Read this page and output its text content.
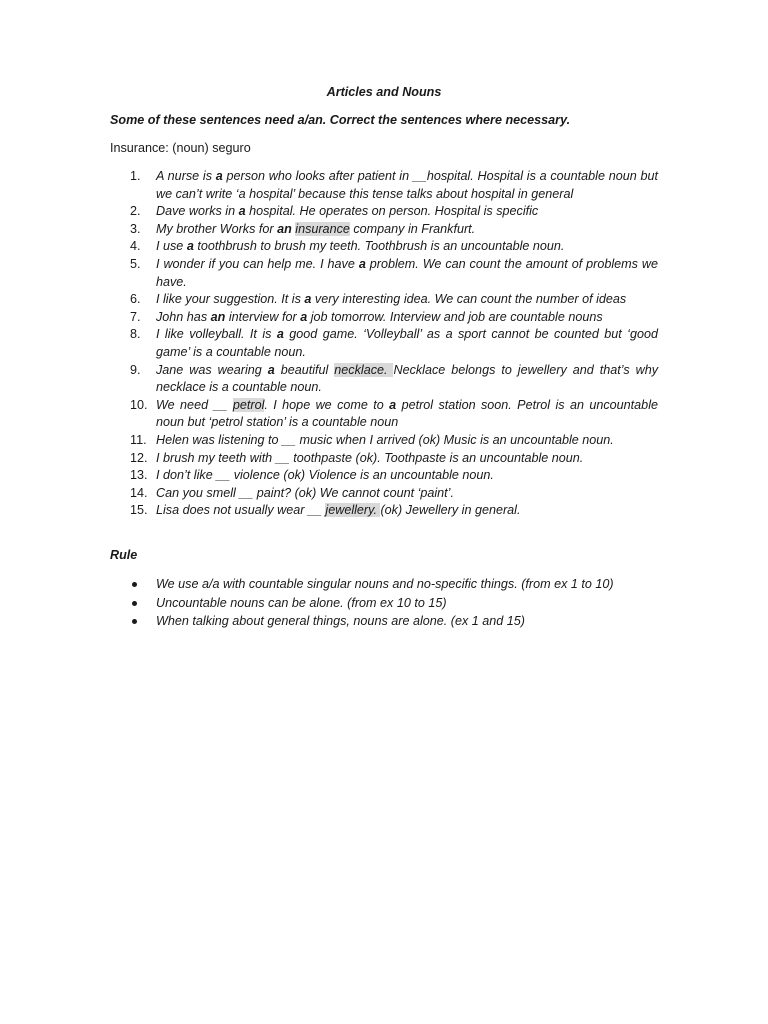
Articles and Nouns
Some of these sentences need a/an. Correct the sentences where necessary.
Insurance: (noun) seguro
1. A nurse is a person who looks after patient in __hospital. Hospital is a countable noun but we can’t write ‘a hospital’ because this tense talks about hospital in general
2. Dave works in a hospital. He operates on person. Hospital is specific
3. My brother Works for an insurance company in Frankfurt.
4. I use a toothbrush to brush my teeth. Toothbrush is an uncountable noun.
5. I wonder if you can help me. I have a problem. We can count the amount of problems we have.
6. I like your suggestion. It is a very interesting idea. We can count the number of ideas
7. John has an interview for a job tomorrow. Interview and job are countable nouns
8. I like volleyball. It is a good game. ‘Volleyball’ as a sport cannot be counted but ‘good game’ is a countable noun.
9. Jane was wearing a beautiful necklace. Necklace belongs to jewellery and that’s why necklace is a countable noun.
10. We need __ petrol. I hope we come to a petrol station soon. Petrol is an uncountable noun but ‘petrol station’ is a countable noun
11. Helen was listening to __ music when I arrived (ok) Music is an uncountable noun.
12. I brush my teeth with __ toothpaste (ok). Toothpaste is an uncountable noun.
13. I don’t like __ violence (ok) Violence is an uncountable noun.
14. Can you smell __ paint? (ok) We cannot count ‘paint’.
15. Lisa does not usually wear __ jewellery. (ok) Jewellery in general.
Rule
We use a/a with countable singular nouns and no-specific things. (from ex 1 to 10)
Uncountable nouns can be alone. (from ex 10 to 15)
When talking about general things, nouns are alone. (ex 1 and 15)
